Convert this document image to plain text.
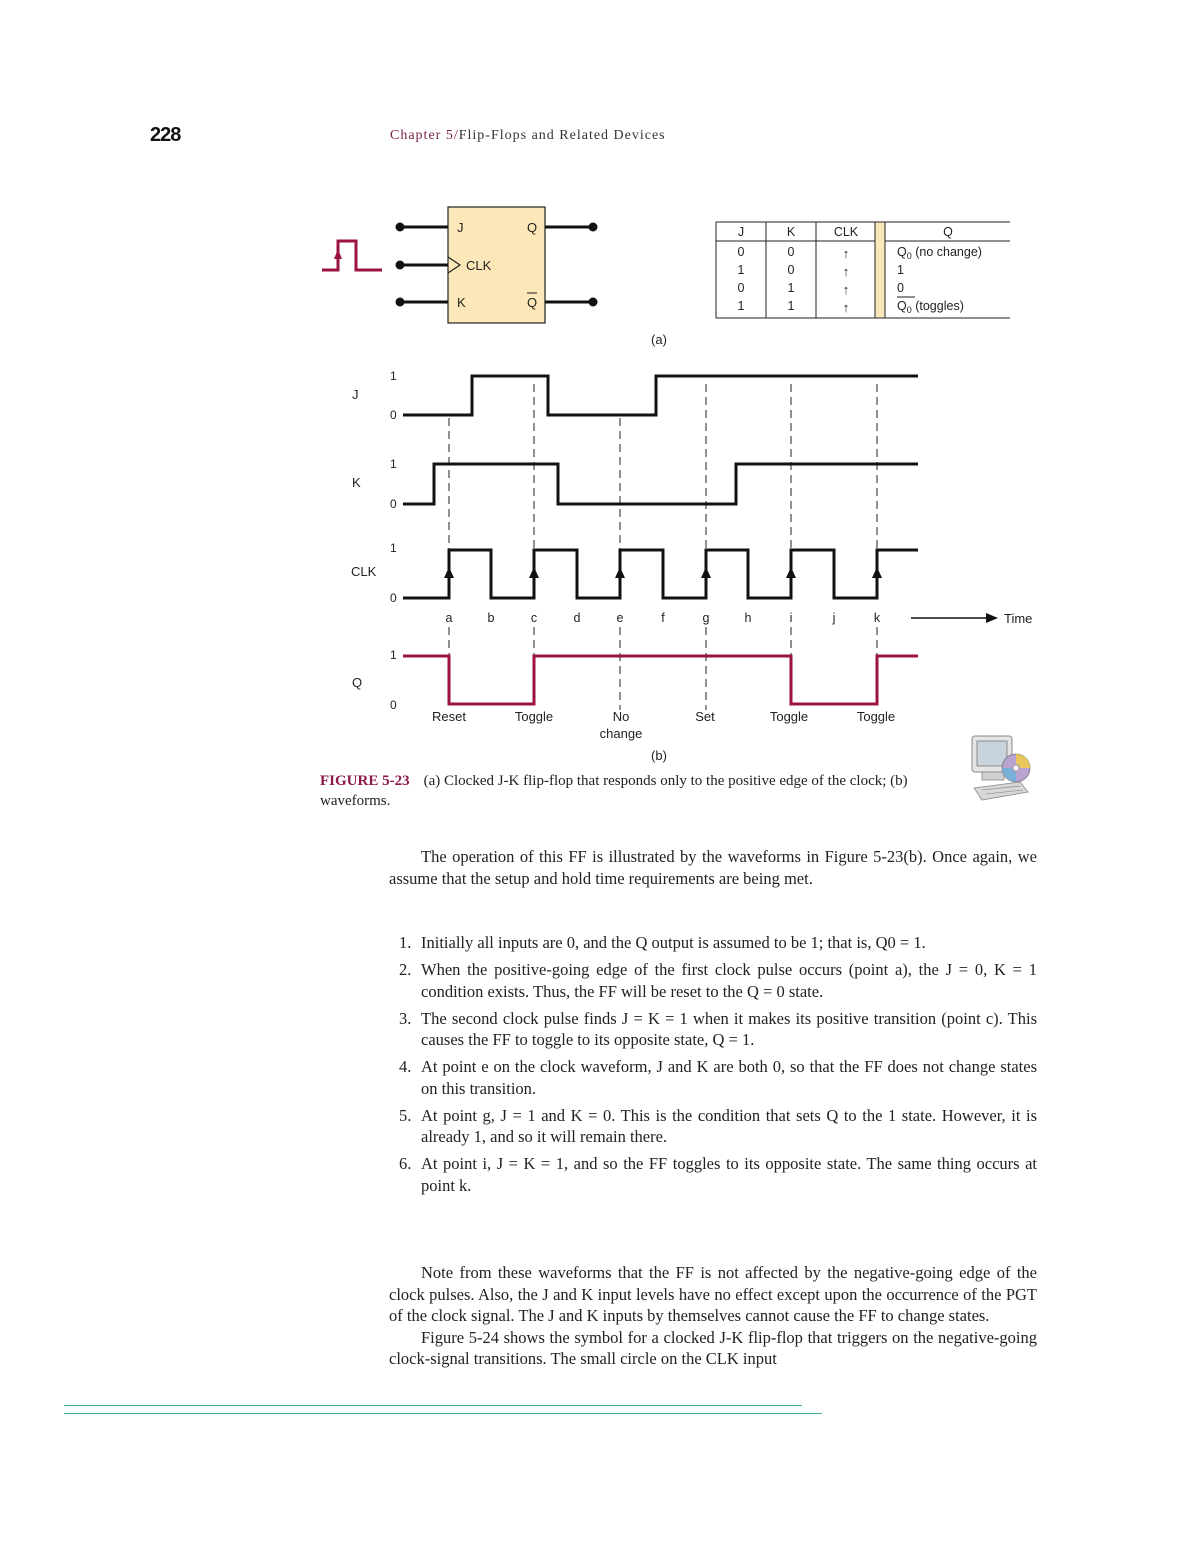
228	Chapter 5/Flip-Flops and Related Devices
J
CLK
K
Q
Q
J	K	CLK	Q
0	0	↑	$Q_0$ (no change)
1	0	↑	1
0	1	↑	0
1	1	↑	$Q_0$ (toggles)
(a)
J
1
0
K
1
0
CLK
1
0
Q
1
0
a	b	c	d	e	f	g	h	i	j	k	Time
Reset	Toggle	No
change
Set	Toggle	Toggle
(b)
FIGURE 5-23 (a) Clocked J-K flip-flop that responds only to the positive edge of the clock; (b) waveforms.

The operation of this FF is illustrated by the waveforms in Figure 5-23(b). Once again, we assume that the setup and hold time requirements are being met.

1. Initially all inputs are 0, and the Q output is assumed to be 1; that is, Q0 = 1.
2. When the positive-going edge of the first clock pulse occurs (point a), the J = 0, K = 1 condition exists. Thus, the FF will be reset to the Q = 0 state.
3. The second clock pulse finds J = K = 1 when it makes its positive transition (point c). This causes the FF to toggle to its opposite state, Q = 1.
4. At point e on the clock waveform, J and K are both 0, so that the FF does not change states on this transition.
5. At point g, J = 1 and K = 0. This is the condition that sets Q to the 1 state. However, it is already 1, and so it will remain there.
6. At point i, J = K = 1, and so the FF toggles to its opposite state. The same thing occurs at point k.

Note from these waveforms that the FF is not affected by the negative-going edge of the clock pulses. Also, the J and K input levels have no effect except upon the occurrence of the PGT of the clock signal. The J and K inputs by themselves cannot cause the FF to change states.

Figure 5-24 shows the symbol for a clocked J-K flip-flop that triggers on the negative-going clock-signal transitions. The small circle on the CLK input
